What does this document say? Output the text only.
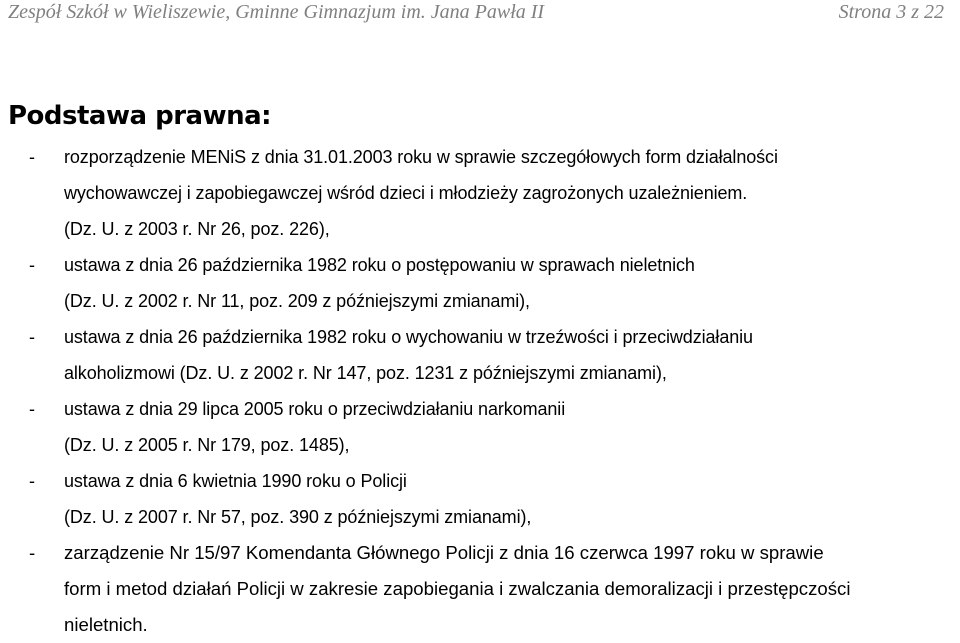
Zespół Szkół w Wieliszewie, Gminne Gimnazjum im. Jana Pawła II	Strona 3 z 22
Podstawa prawna:
- rozporządzenie MENiS z dnia 31.01.2003 roku w sprawie szczegółowych form działalności
wychowawczej i zapobiegawczej wśród dzieci i młodzieży zagrożonych uzależnieniem.
(Dz. U. z 2003 r. Nr 26, poz. 226),
- ustawa z dnia 26 października 1982 roku o postępowaniu w sprawach nieletnich
(Dz. U. z 2002 r. Nr 11, poz. 209 z późniejszymi zmianami),
- ustawa z dnia 26 października 1982 roku o wychowaniu w trzeźwości i przeciwdziałaniu
alkoholizmowi (Dz. U. z 2002 r. Nr 147, poz. 1231 z późniejszymi zmianami),
- ustawa z dnia 29 lipca 2005 roku o przeciwdziałaniu narkomanii
(Dz. U. z 2005 r. Nr 179, poz. 1485),
- ustawa z dnia 6 kwietnia 1990 roku o Policji
(Dz. U. z 2007 r. Nr 57, poz. 390 z późniejszymi zmianami),
- zarządzenie Nr 15/97 Komendanta Głównego Policji z dnia 16 czerwca 1997 roku w sprawie
form i metod działań Policji w zakresie zapobiegania i zwalczania demoralizacji i przestępczości
nieletnich.
